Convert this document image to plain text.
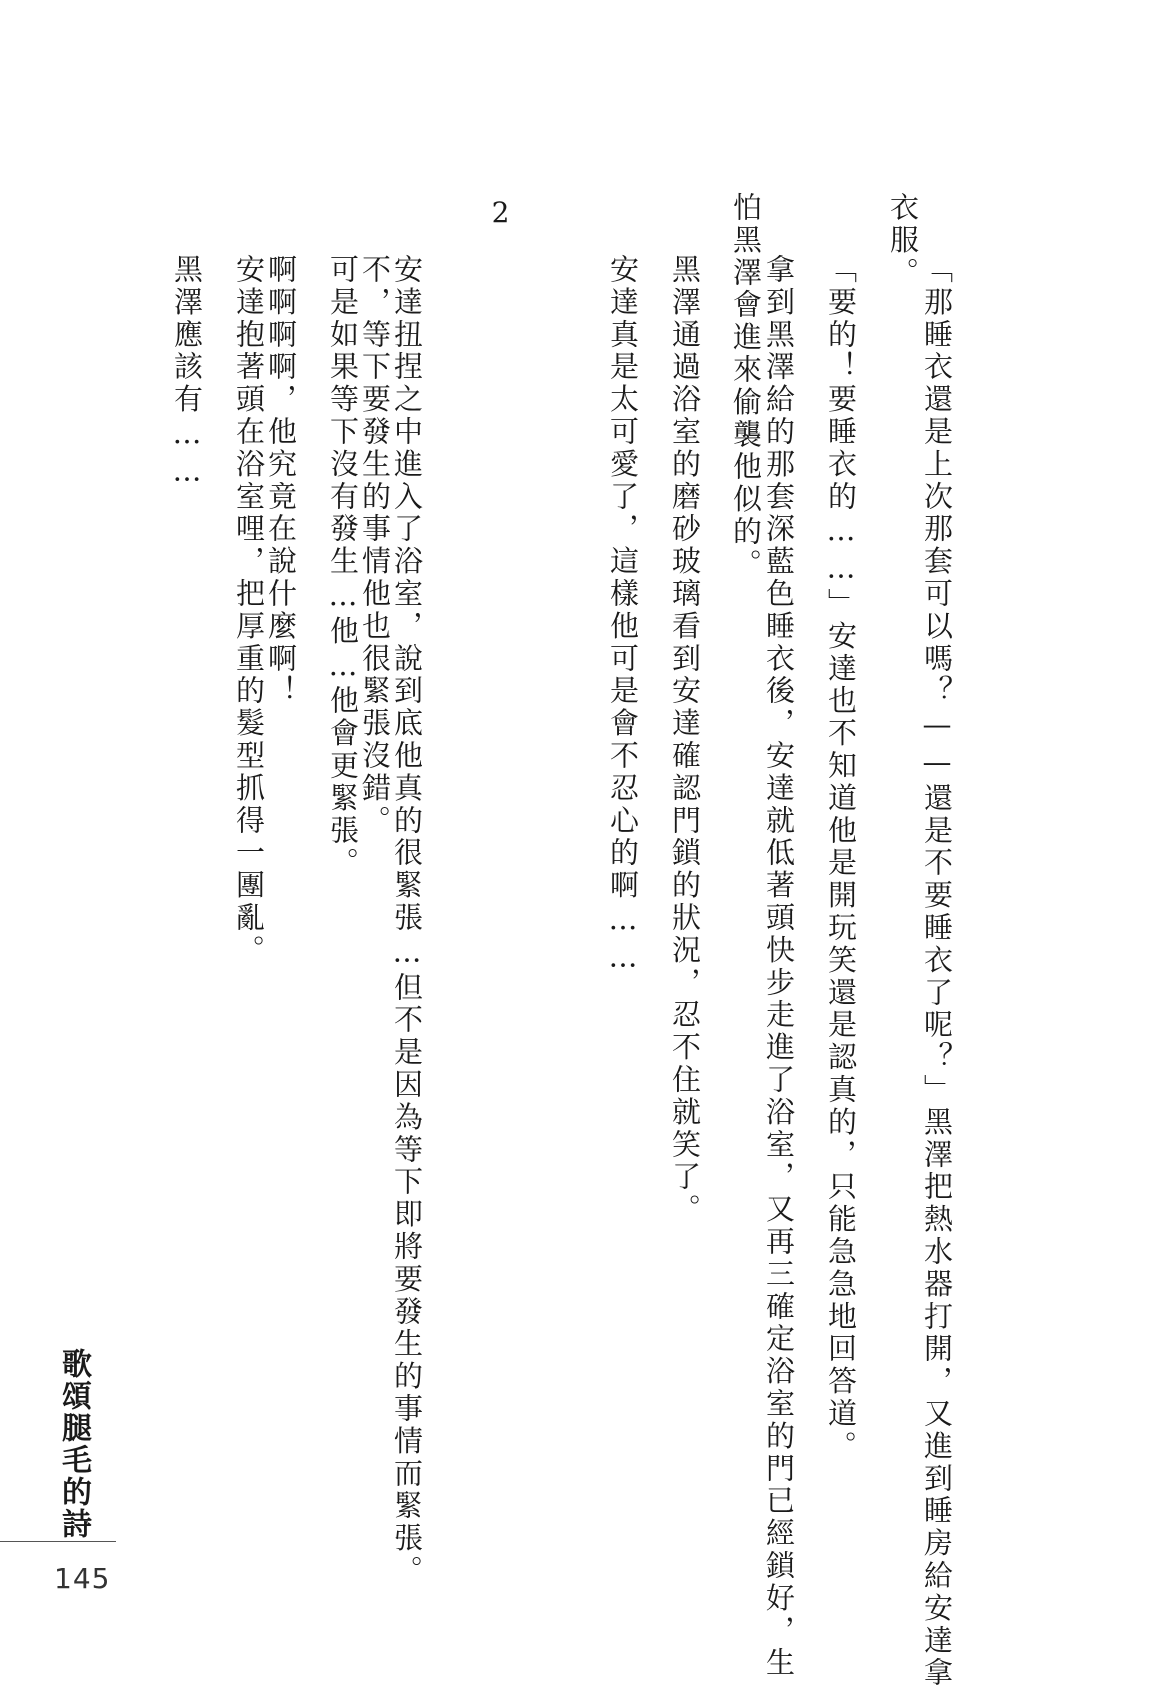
「那睡衣還是上次那套可以嗎？——還是不要睡衣了呢？」黑澤把熱水器打開，又進到睡房給安達拿
衣服。
「要的！要睡衣的……」安達也不知道他是開玩笑還是認真的，只能急急地回答道。
拿到黑澤給的那套深藍色睡衣後，安達就低著頭快步走進了浴室，又再三確定浴室的門已經鎖好，生
怕黑澤會進來偷襲他似的。
黑澤通過浴室的磨砂玻璃看到安達確認門鎖的狀況，忍不住就笑了。
安達真是太可愛了，這樣他可是會不忍心的啊……
2
安達扭捏之中進入了浴室，說到底他真的很緊張…但不是因為等下即將要發生的事情而緊張。
不，等下要發生的事情他也很緊張沒錯。
可是如果等下沒有發生…他…他會更緊張。
啊啊啊啊，他究竟在說什麼啊！
安達抱著頭在浴室哩，把厚重的髮型抓得一團亂。
黑澤應該有……
歌頌腿毛的詩
145
